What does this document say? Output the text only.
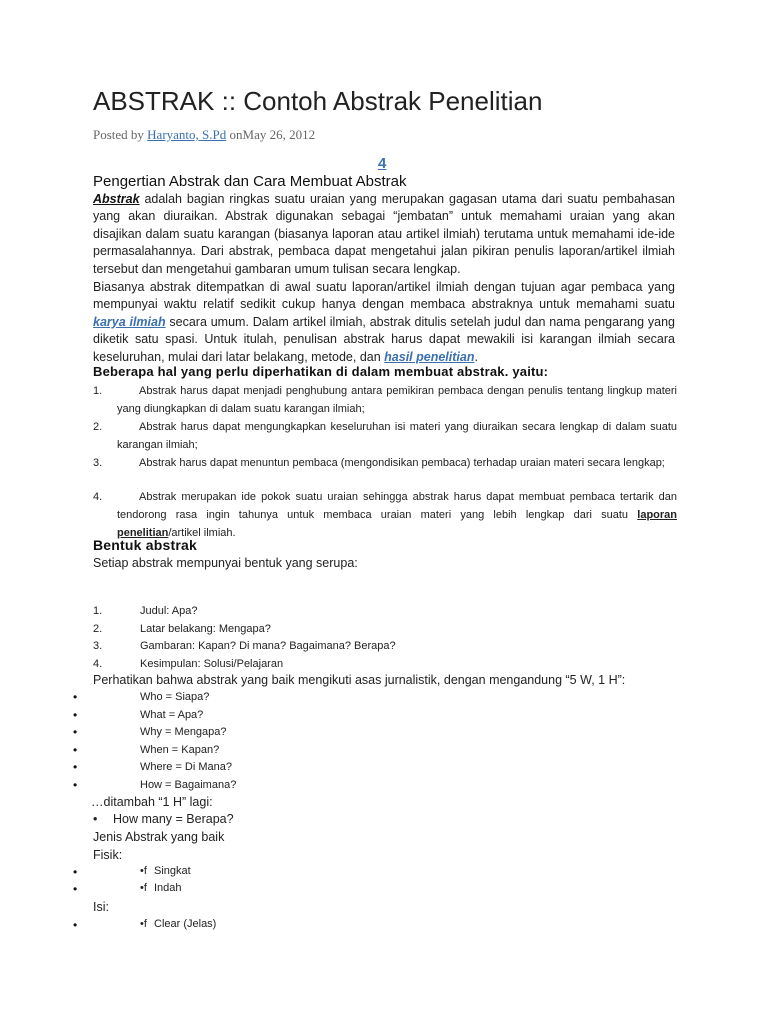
ABSTRAK :: Contoh Abstrak Penelitian
Posted by Haryanto, S.Pd onMay 26, 2012
4
Pengertian Abstrak dan Cara Membuat Abstrak
Abstrak adalah bagian ringkas suatu uraian yang merupakan gagasan utama dari suatu pembahasan yang akan diuraikan. Abstrak digunakan sebagai “jembatan” untuk memahami uraian yang akan disajikan dalam suatu karangan (biasanya laporan atau artikel ilmiah) terutama untuk memahami ide-ide permasalahannya. Dari abstrak, pembaca dapat mengetahui jalan pikiran penulis laporan/artikel ilmiah tersebut dan mengetahui gambaran umum tulisan secara lengkap.
Biasanya abstrak ditempatkan di awal suatu laporan/artikel ilmiah dengan tujuan agar pembaca yang mempunyai waktu relatif sedikit cukup hanya dengan membaca abstraknya untuk memahami suatu karya ilmiah secara umum. Dalam artikel ilmiah, abstrak ditulis setelah judul dan nama pengarang yang diketik satu spasi. Untuk itulah, penulisan abstrak harus dapat mewakili isi karangan ilmiah secara keseluruhan, mulai dari latar belakang, metode, dan hasil penelitian.
Beberapa hal yang perlu diperhatikan di dalam membuat abstrak. yaitu:
1.	Abstrak harus dapat menjadi penghubung antara pemikiran pembaca dengan penulis tentang lingkup materi yang diungkapkan di dalam suatu karangan ilmiah;
2.	Abstrak harus dapat mengungkapkan keseluruhan isi materi yang diuraikan secara lengkap di dalam suatu karangan ilmiah;
3.	Abstrak harus dapat menuntun pembaca (mengondisikan pembaca) terhadap uraian materi secara lengkap;
4.	Abstrak merupakan ide pokok suatu uraian sehingga abstrak harus dapat membuat pembaca tertarik dan tendorong rasa ingin tahunya untuk membaca uraian materi yang lebih lengkap dari suatu laporan penelitian/artikel ilmiah.
Bentuk abstrak
Setiap abstrak mempunyai bentuk yang serupa:
1.	Judul: Apa?
2.	Latar belakang: Mengapa?
3.	Gambaran: Kapan? Di mana? Bagaimana? Berapa?
4.	Kesimpulan: Solusi/Pelajaran
Perhatikan bahwa abstrak yang baik mengikuti asas jurnalistik, dengan mengandung “5 W, 1 H”:
•	Who = Siapa?
•	What = Apa?
•	Why = Mengapa?
•	When = Kapan?
•	Where = Di Mana?
•	How = Bagaimana?
…ditambah “1 H” lagi:
• How many = Berapa?
Jenis Abstrak yang baik
Fisik:
•	•f Singkat
•	•f Indah
Isi:
•	•f Clear (Jelas)
